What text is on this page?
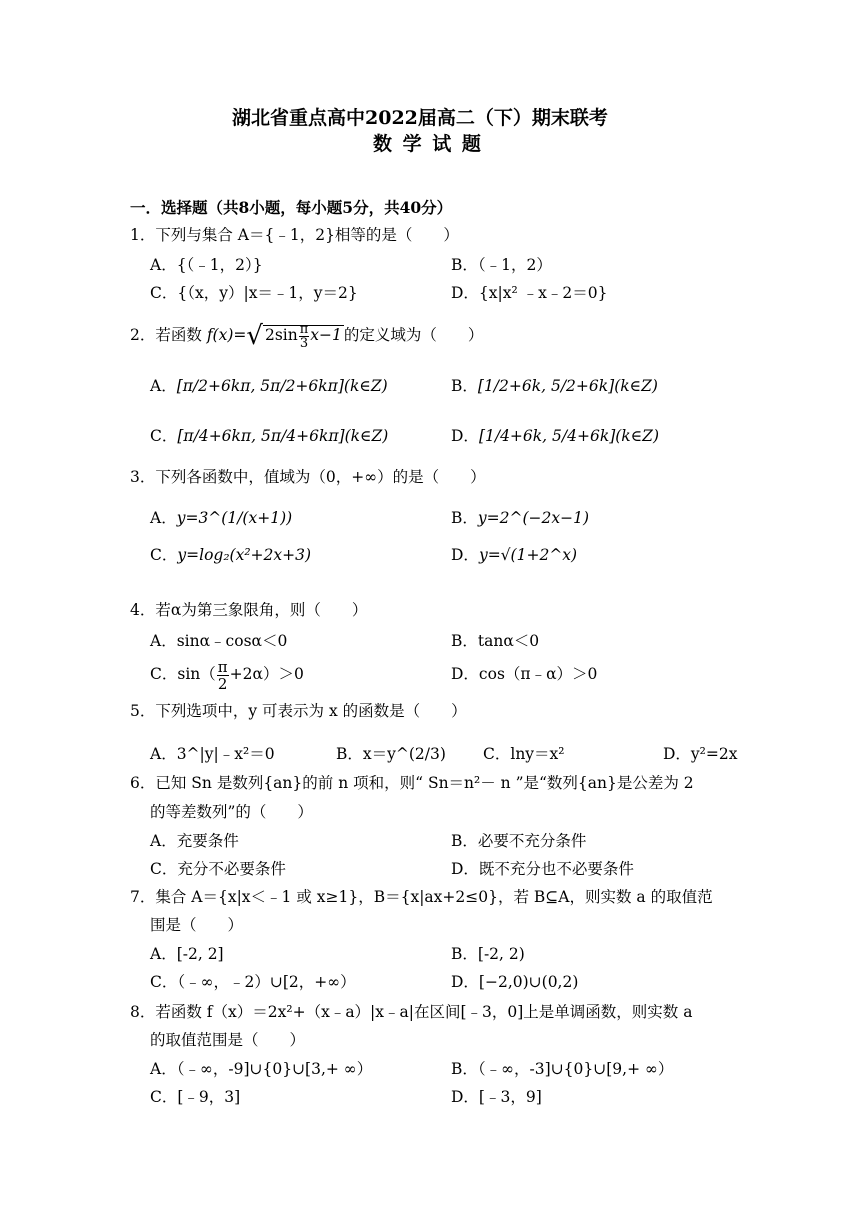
湖北省重点高中2022届高二（下）期末联考
数 学 试 题
一．选择题（共8小题，每小题5分，共40分）
1．下列与集合 A＝{﹣1，2}相等的是（　　）
A．{（﹣1，2）}	B．（﹣1，2）
C．{（x，y）|x＝﹣1，y＝2}	D．{x|x² ﹣x﹣2＝0}
2．若函数 f(x)=√ $2\sin \frac{\pi}{3} x-1$ 的定义域为（　　）
A．[π/2+6kπ, 5π/2+6kπ](k∈Z)	B．[1/2+6k, 5/2+6k](k∈Z)
C．[π/4+6kπ, 5π/4+6kπ](k∈Z)	D．[1/4+6k, 5/4+6k](k∈Z)
3．下列各函数中，值域为（0，+∞）的是（　　）
A．y=3^(1/(x+1))	B．y=2^(−2x−1)
C．y=log₂(x²+2x+3)	D．y=√(1+2^x)
4．若α为第三象限角，则（　　）
A．sinα﹣cosα＜0	B．tanα＜0
C．$\sin( \frac{\pi}{2} +2\alpha)>0$	D．cos（π﹣α）＞0
5．下列选项中，y 可表示为 x 的函数是（　　）
A．3^|y|﹣x²＝0	B．x＝y^(2/3) C．lny＝x²	D．y²=2x
6．已知 Sn 是数列{an}的前 n 项和，则“ Sn＝n²－ n ”是“数列{an}是公差为 2
的等差数列”的（　　）
A．充要条件	B．必要不充分条件
C．充分不必要条件	D．既不充分也不必要条件
7．集合 A＝{x|x＜﹣1 或 x≥1}，B＝{x|ax+2≤0}，若 B⊆A，则实数 a 的取值范
围是（　　）
A．[-2, 2]	B．[-2, 2)
C．（﹣∞，﹣2）∪[2，+∞）	D．[−2,0)∪(0,2)
8．若函数 f（x）＝2x²+（x﹣a）|x﹣a|在区间[﹣3，0]上是单调函数，则实数 a
的取值范围是（　　）
A．（﹣∞，-9]∪{0}∪[3,+ ∞）	B．（﹣∞，-3]∪{0}∪[9,+ ∞）
C．[﹣9，3]	D．[﹣3，9]
